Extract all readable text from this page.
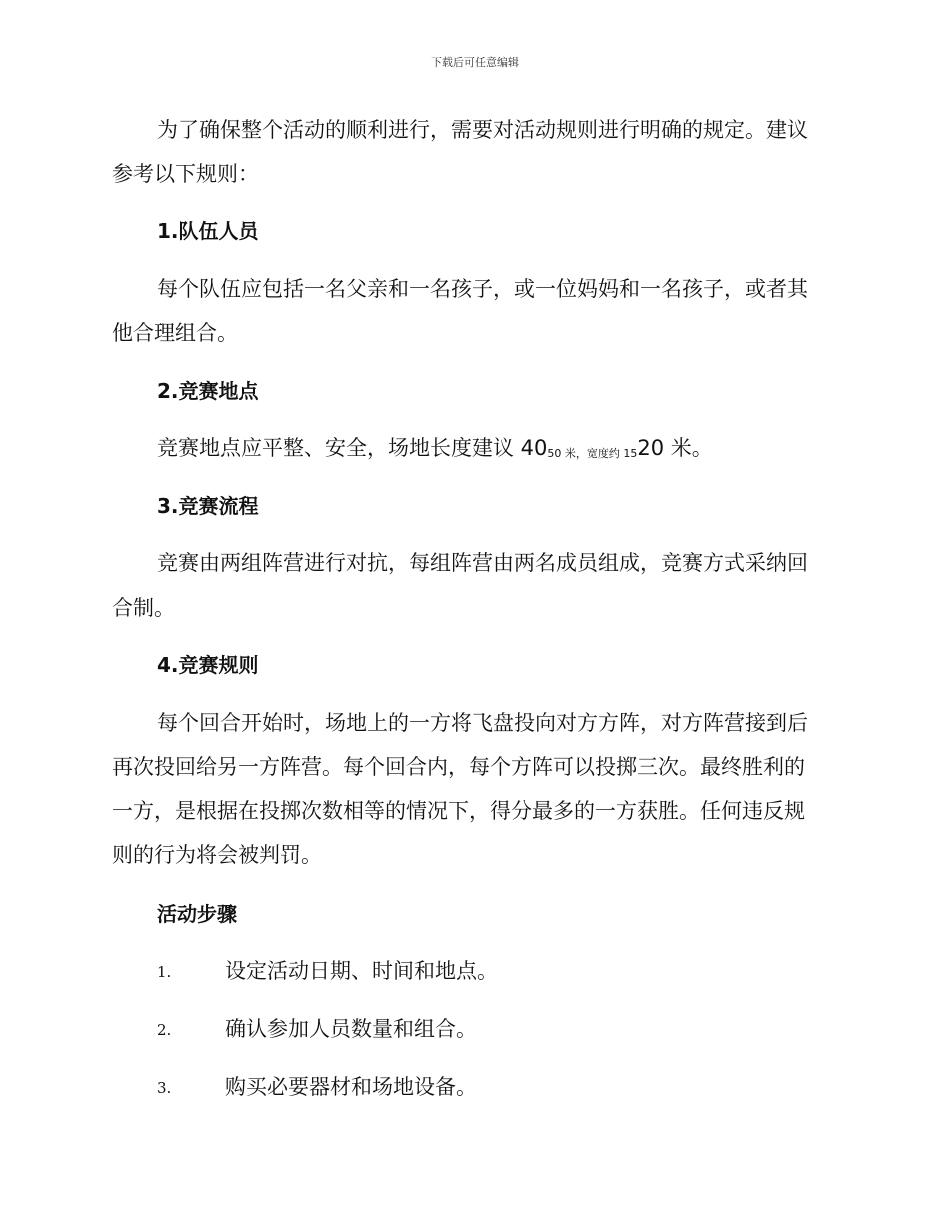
下载后可任意编辑
为了确保整个活动的顺利进行，需要对活动规则进行明确的规定。建议
参考以下规则：
1.队伍人员
每个队伍应包括一名父亲和一名孩子，或一位妈妈和一名孩子，或者其
他合理组合。
2.竞赛地点
竞赛地点应平整、安全，场地长度建议 4050 米，宽度约 1520 米。
3.竞赛流程
竞赛由两组阵营进行对抗，每组阵营由两名成员组成，竞赛方式采纳回
合制。
4.竞赛规则
每个回合开始时，场地上的一方将飞盘投向对方方阵，对方阵营接到后
再次投回给另一方阵营。每个回合内，每个方阵可以投掷三次。最终胜利的
一方，是根据在投掷次数相等的情况下，得分最多的一方获胜。任何违反规
则的行为将会被判罚。
活动步骤
1.	设定活动日期、时间和地点。
2.	确认参加人员数量和组合。
3.	购买必要器材和场地设备。
